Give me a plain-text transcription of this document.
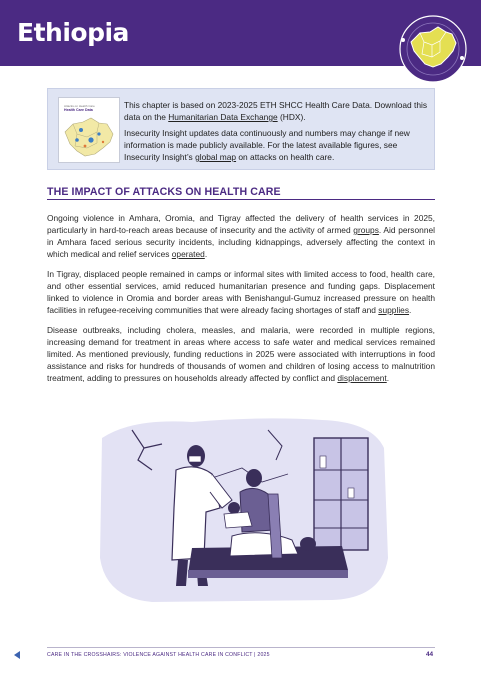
Ethiopia
Attacks on Health Care
Health Care Data	This chapter is based on 2023-2025 ETH SHCC Health Care Data. Download this data on the Humanitarian Data Exchange (HDX).

Insecurity Insight updates data continuously and numbers may change if new information is made publicly available. For the latest available figures, see Insecurity Insight’s global map on attacks on health care.

THE IMPACT OF ATTACKS ON HEALTH CARE

Ongoing violence in Amhara, Oromia, and Tigray affected the delivery of health services in 2025, particularly in hard-to-reach areas because of insecurity and the activity of armed groups. Aid personnel in Amhara faced serious security incidents, including kidnappings, adversely affecting the context in which medical and relief services operated.

In Tigray, displaced people remained in camps or informal sites with limited access to food, health care, and other essential services, amid reduced humanitarian presence and funding gaps. Displacement linked to violence in Oromia and border areas with Benishangul-Gumuz increased pressure on health facilities in refugee-receiving communities that were already facing shortages of staff and supplies.

Disease outbreaks, including cholera, measles, and malaria, were recorded in multiple regions, increasing demand for treatment in areas where access to safe water and medical services remained limited. As mentioned previously, funding reductions in 2025 were associated with interruptions in food assistance and risks for hundreds of thousands of women and children of losing access to malnutrition treatment, adding to pressures on households already affected by conflict and displacement.

CARE IN THE CROSSHAIRS: VIOLENCE AGAINST HEALTH CARE IN CONFLICT | 2025	44
